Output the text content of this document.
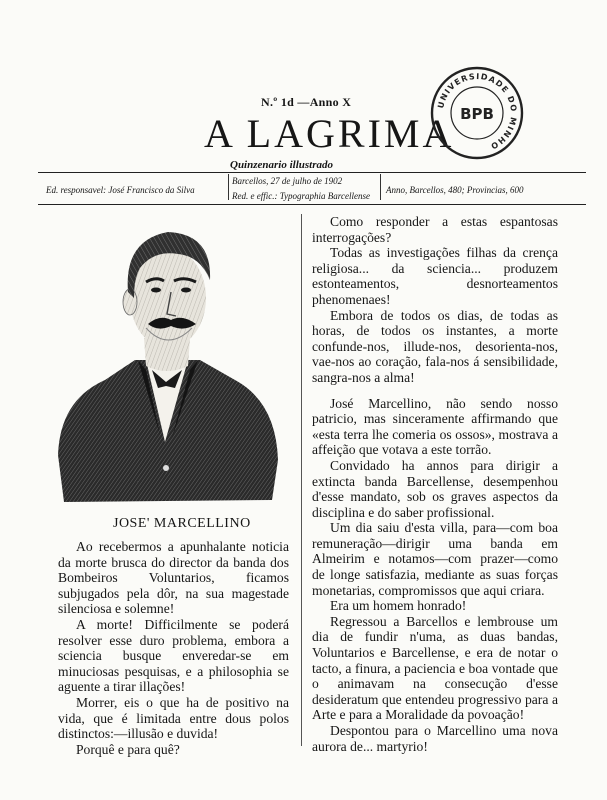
N.º 1d —Anno X
A LAGRIMA
Quinzenario illustrado
UNIVERSIDADE DO MINHO
BPB
Barcellos, 27 de julho de 1902
Ed. responsavel: José Francisco da Silva	Anno, Barcellos, 480; Provincias, 600
Red. e effic.: Typographia Barcellense
JOSE' MARCELLINO

Ao recebermos a apunhalante noticia da morte brusca do director da banda dos Bombeiros Voluntarios, ficamos subjugados pela dôr, na sua magestade silenciosa e solemne!

A morte! Difficilmente se poderá resolver esse duro problema, embora a sciencia busque enveredar-se em minuciosas pesquisas, e a philosophia se aguente a tirar illações!

Morrer, eis o que ha de positivo na vida, que é limitada entre dous polos distinctos:—illusão e duvida!

Porquê e para quê?

Como responder a estas espantosas interrogações?

Todas as investigações filhas da crença religiosa... da sciencia... produzem estonteamentos, desnorteamentos phenomenaes!

Embora de todos os dias, de todas as horas, de todos os instantes, a morte confunde-nos, illude-nos, desorienta-nos, vae-nos ao coração, fala-nos á sensibilidade, sangra-nos a alma!

José Marcellino, não sendo nosso patricio, mas sinceramente affirmando que «esta terra lhe comeria os ossos», mostrava a affeição que votava a este torrão.

Convidado ha annos para dirigir a extincta banda Barcellense, desempenhou d'esse mandato, sob os graves aspectos da disciplina e do saber profissional.

Um dia saiu d'esta villa, para—com boa remuneração—dirigir uma banda em Almeirim e notamos—com prazer—como de longe satisfazia, mediante as suas forças monetarias, compromissos que aqui criara.

Era um homem honrado!

Regressou a Barcellos e lembrouse um dia de fundir n'uma, as duas bandas, Voluntarios e Barcellense, e era de notar o tacto, a finura, a paciencia e boa vontade que o animavam na consecução d'esse desideratum que entendeu progressivo para a Arte e para a Moralidade da povoação!

Despontou para o Marcellino uma nova aurora de... martyrio!
